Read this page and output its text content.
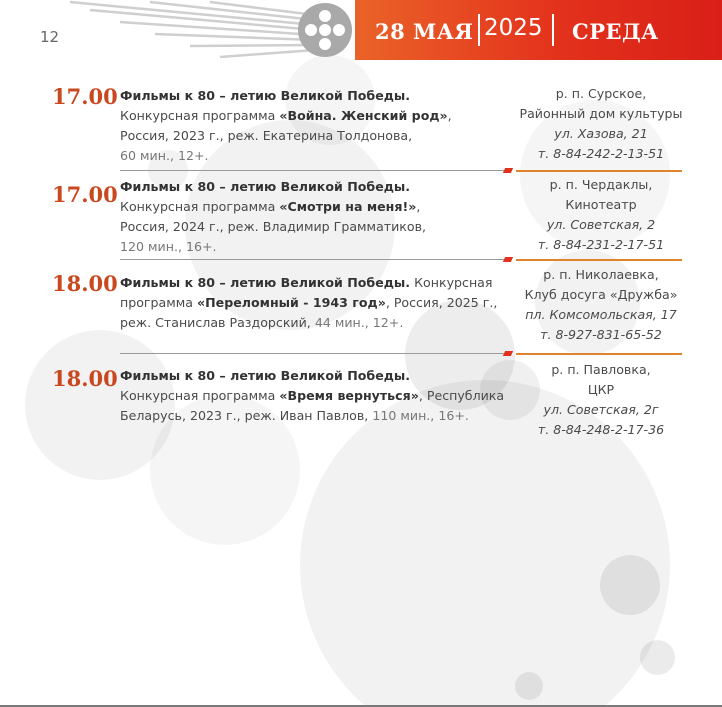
12	28 МАЯ 2025 СРЕДА
17.00 Фильмы к 80 – летию Великой Победы.
Конкурсная программа «Война. Женский род»,
Россия, 2023 г., реж. Екатерина Толдонова,
60 мин., 12+.

р. п. Сурское,
Районный дом культуры
ул. Хазова, 21
т. 8-84-242-2-13-51
17.00 Фильмы к 80 – летию Великой Победы.
Конкурсная программа «Смотри на меня!»,
Россия, 2024 г., реж. Владимир Грамматиков,
120 мин., 16+.

р. п. Чердаклы,
Кинотеатр
ул. Советская, 2
т. 8-84-231-2-17-51
18.00 Фильмы к 80 – летию Великой Победы. Конкурсная программа «Переломный - 1943 год», Россия, 2025 г., реж. Станислав Раздорский, 44 мин., 12+.

р. п. Николаевка,
Клуб досуга «Дружба»
пл. Комсомольская, 17
т. 8-927-831-65-52
18.00 Фильмы к 80 – летию Великой Победы.
Конкурсная программа «Время вернуться», Республика Беларусь, 2023 г., реж. Иван Павлов, 110 мин., 16+.

р. п. Павловка,
ЦКР
ул. Советская, 2г
т. 8-84-248-2-17-36
